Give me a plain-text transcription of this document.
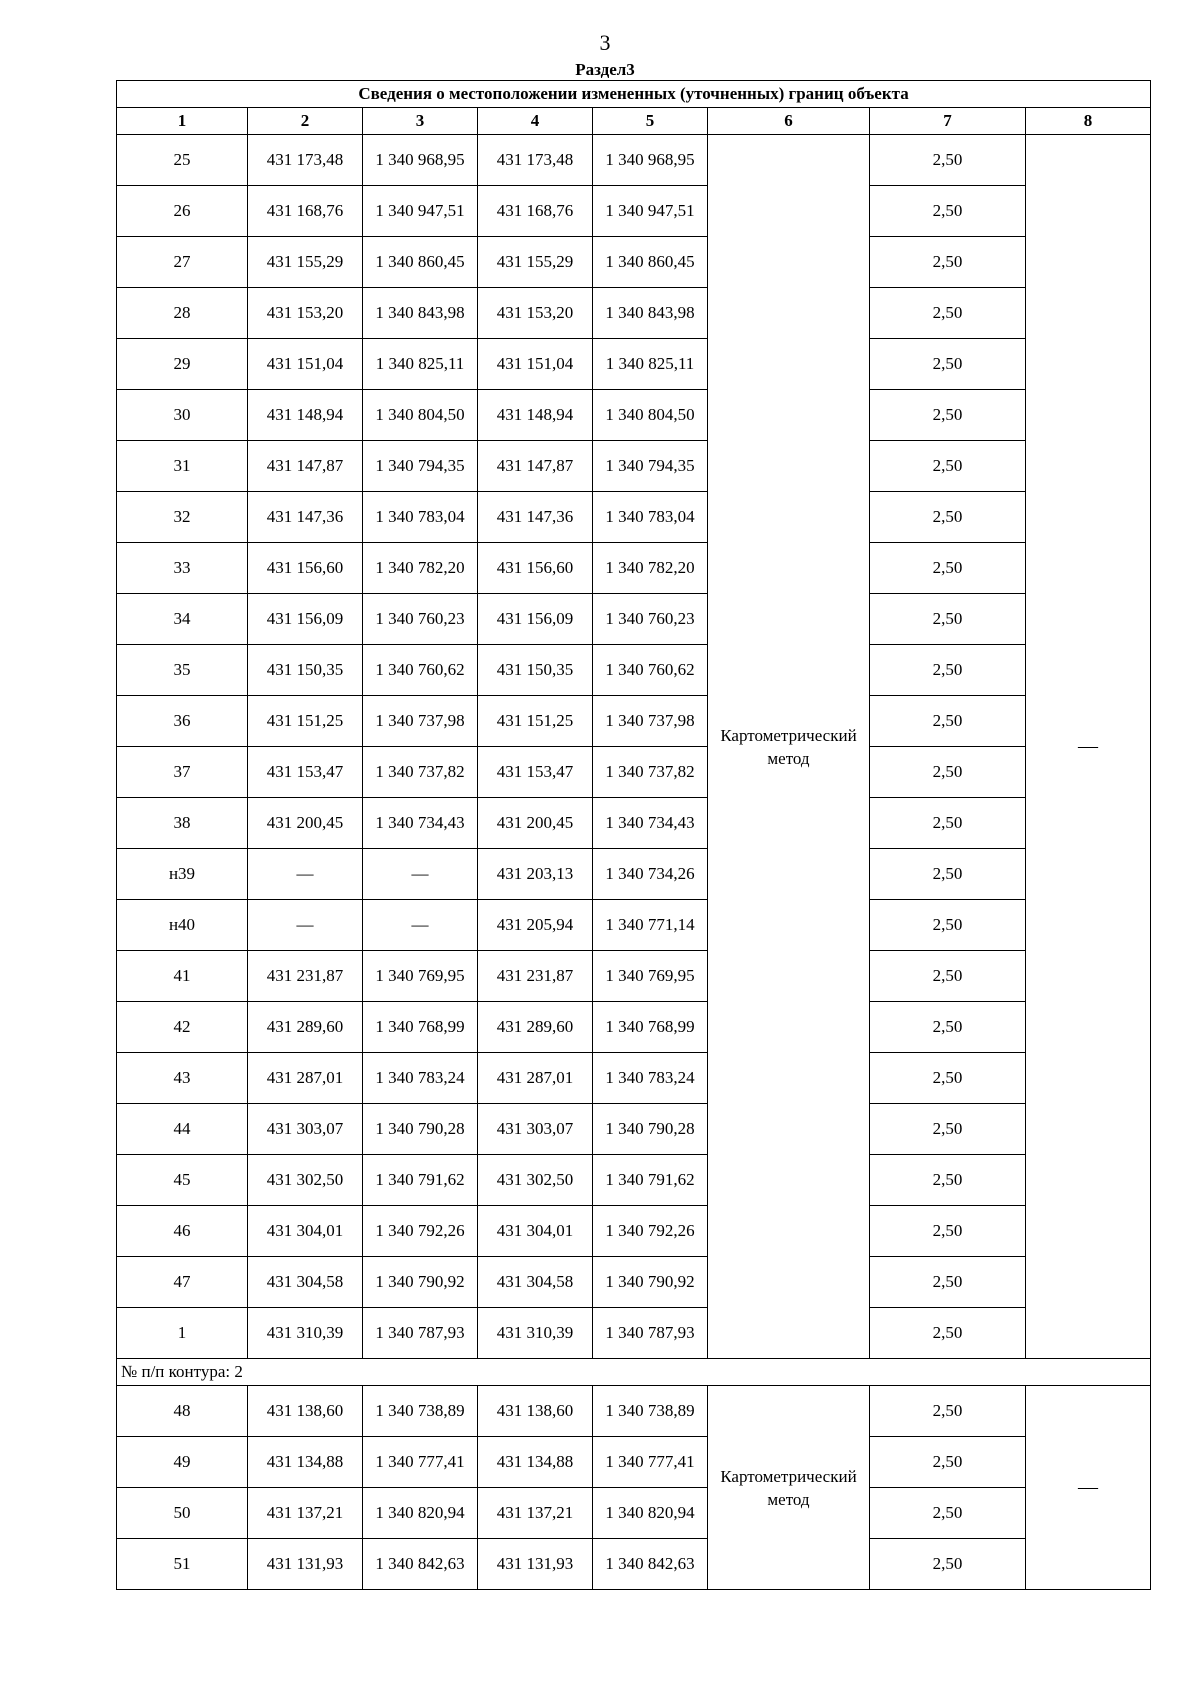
3
Раздел3
Сведения о местоположении измененных (уточненных) границ объекта							
1	2	3	4	5	6	7	8
25	431 173,48	1 340 968,95	431 173,48	1 340 968,95	Картометрический метод	2,50	—
26	431 168,76	1 340 947,51	431 168,76	1 340 947,51		2,50	
27	431 155,29	1 340 860,45	431 155,29	1 340 860,45		2,50	
28	431 153,20	1 340 843,98	431 153,20	1 340 843,98		2,50	
29	431 151,04	1 340 825,11	431 151,04	1 340 825,11		2,50	
30	431 148,94	1 340 804,50	431 148,94	1 340 804,50		2,50	
31	431 147,87	1 340 794,35	431 147,87	1 340 794,35		2,50	
32	431 147,36	1 340 783,04	431 147,36	1 340 783,04		2,50	
33	431 156,60	1 340 782,20	431 156,60	1 340 782,20		2,50	
34	431 156,09	1 340 760,23	431 156,09	1 340 760,23		2,50	
35	431 150,35	1 340 760,62	431 150,35	1 340 760,62		2,50	
36	431 151,25	1 340 737,98	431 151,25	1 340 737,98		2,50	
37	431 153,47	1 340 737,82	431 153,47	1 340 737,82		2,50	
38	431 200,45	1 340 734,43	431 200,45	1 340 734,43		2,50	
н39	—	—	431 203,13	1 340 734,26		2,50	
н40	—	—	431 205,94	1 340 771,14		2,50	
41	431 231,87	1 340 769,95	431 231,87	1 340 769,95		2,50	
42	431 289,60	1 340 768,99	431 289,60	1 340 768,99		2,50	
43	431 287,01	1 340 783,24	431 287,01	1 340 783,24		2,50	
44	431 303,07	1 340 790,28	431 303,07	1 340 790,28		2,50	
45	431 302,50	1 340 791,62	431 302,50	1 340 791,62		2,50	
46	431 304,01	1 340 792,26	431 304,01	1 340 792,26		2,50	
47	431 304,58	1 340 790,92	431 304,58	1 340 790,92		2,50	
1	431 310,39	1 340 787,93	431 310,39	1 340 787,93		2,50	
№ п/п контура: 2							
48	431 138,60	1 340 738,89	431 138,60	1 340 738,89	Картометрический метод	2,50	—
49	431 134,88	1 340 777,41	431 134,88	1 340 777,41		2,50	
50	431 137,21	1 340 820,94	431 137,21	1 340 820,94		2,50	
51	431 131,93	1 340 842,63	431 131,93	1 340 842,63		2,50	
